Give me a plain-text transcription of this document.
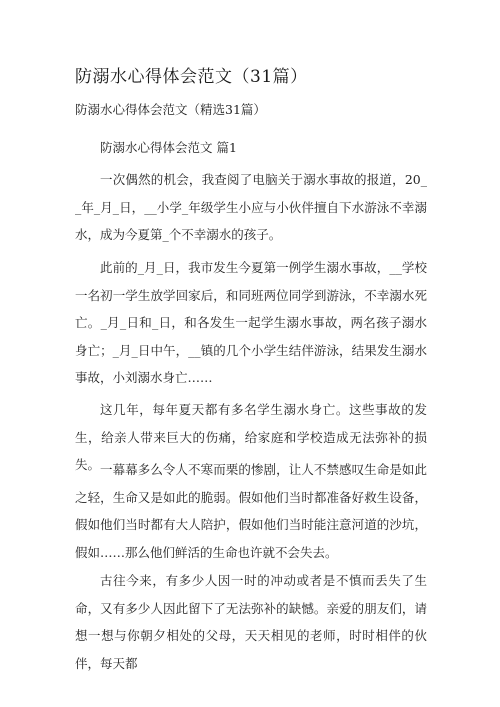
防溺水心得体会范文（31篇）

防溺水心得体会范文（精选31篇）

防溺水心得体会范文 篇1

一次偶然的机会，我查阅了电脑关于溺水事故的报道，20__年_月_日，__小学_年级学生小应与小伙伴擅自下水游泳不幸溺水，成为今夏第_个不幸溺水的孩子。

此前的_月_日，我市发生今夏第一例学生溺水事故，__学校一名初一学生放学回家后，和同班两位同学到游泳，不幸溺水死亡。_月_日和_日，和各发生一起学生溺水事故，两名孩子溺水身亡；_月_日中午，__镇的几个小学生结伴游泳，结果发生溺水事故，小刘溺水身亡……

这几年，每年夏天都有多名学生溺水身亡。这些事故的发生，给亲人带来巨大的伤痛，给家庭和学校造成无法弥补的损失。 一幕幕多么令人不寒而栗的惨剧，让人不禁感叹生命是如此之轻，生命又是如此的脆弱。假如他们当时都准备好救生设备，假如他们当时都有大人陪护，假如他们当时能注意河道的沙坑，假如……那么他们鲜活的生命也许就不会失去。

古往今来，有多少人因一时的冲动或者是不慎而丢失了生命，又有多少人因此留下了无法弥补的缺憾。亲爱的朋友们，请想一想与你朝夕相处的父母，天天相见的老师，时时相伴的伙伴，每天都
